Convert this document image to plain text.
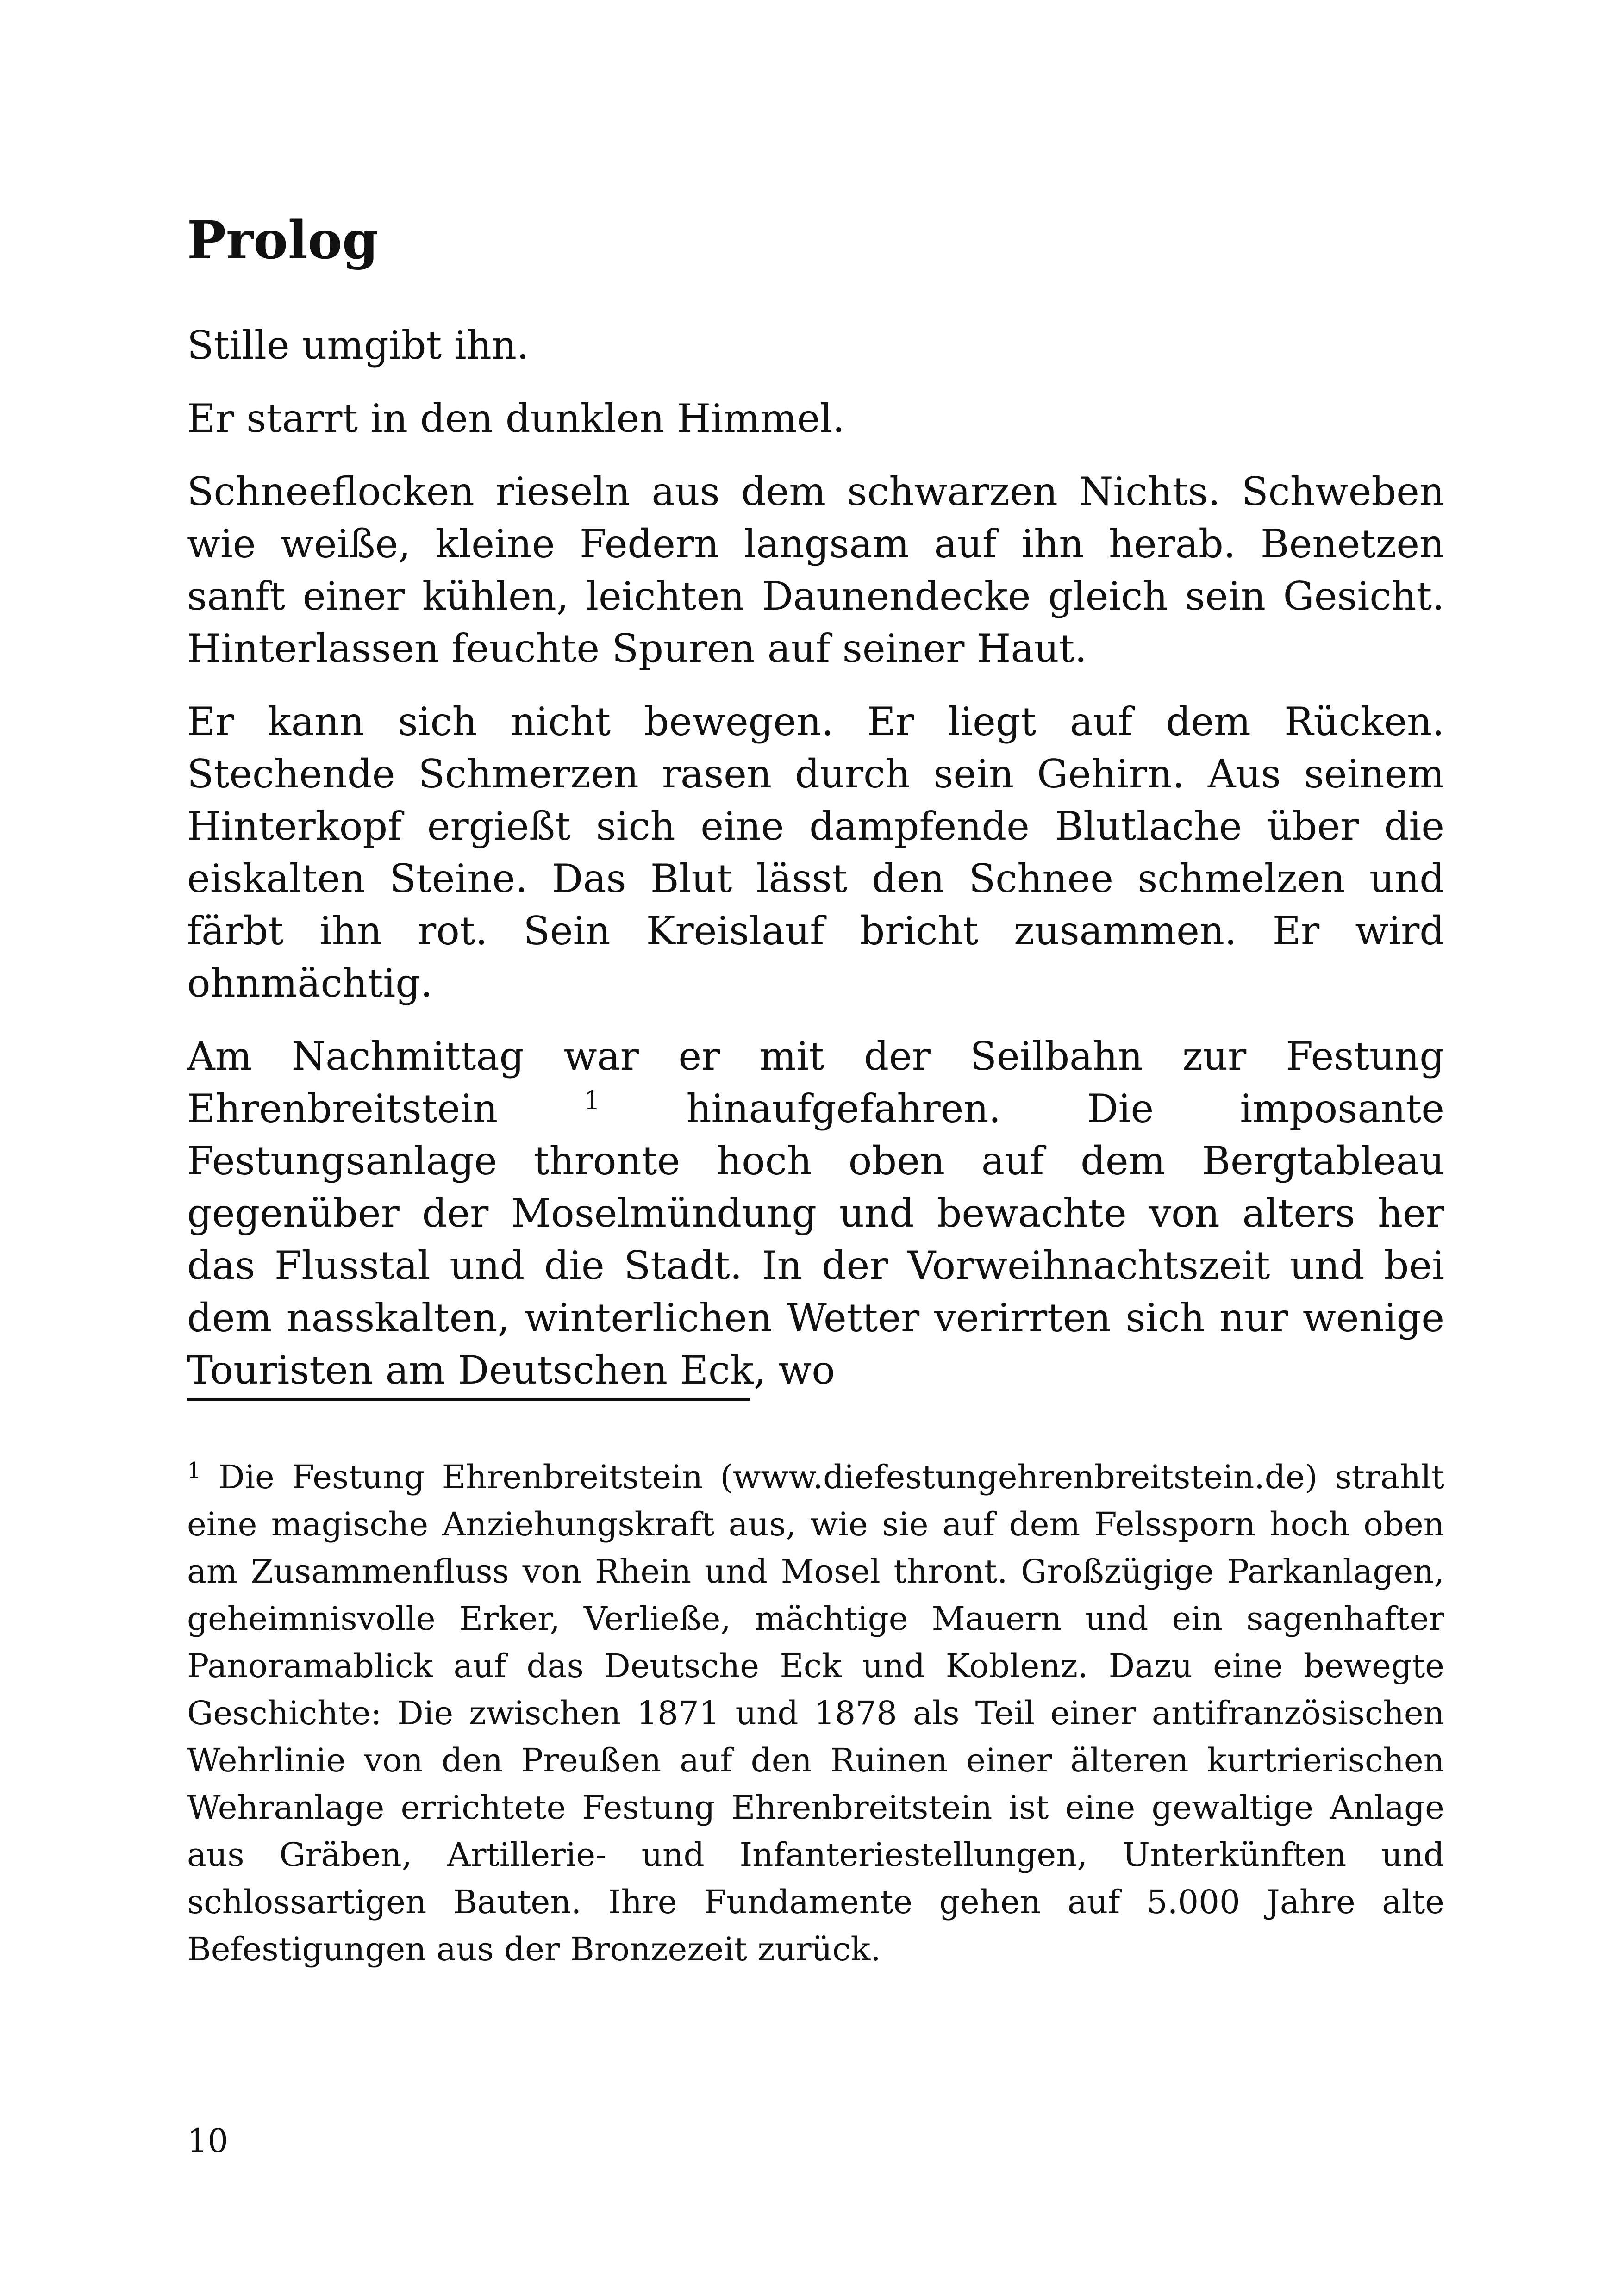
Prolog

Stille umgibt ihn.

Er starrt in den dunklen Himmel.

Schneeflocken rieseln aus dem schwarzen Nichts. Schweben wie weiße, kleine Federn langsam auf ihn herab. Benetzen sanft einer kühlen, leichten Daunendecke gleich sein Gesicht. Hinterlassen feuchte Spuren auf seiner Haut.

Er kann sich nicht bewegen. Er liegt auf dem Rücken. Stechende Schmerzen rasen durch sein Gehirn. Aus seinem Hinterkopf ergießt sich eine dampfende Blutlache über die eiskalten Steine. Das Blut lässt den Schnee schmelzen und färbt ihn rot. Sein Kreislauf bricht zusammen. Er wird ohnmächtig.

Am Nachmittag war er mit der Seilbahn zur Festung Ehrenbreitstein $^1$ hinaufgefahren. Die imposante Festungsanlage thronte hoch oben auf dem Bergtableau gegenüber der Moselmündung und bewachte von alters her das Flusstal und die Stadt. In der Vorweihnachtszeit und bei dem nasskalten, winterlichen Wetter verirrten sich nur wenige Touristen am Deutschen Eck, wo

$^1$ Die Festung Ehrenbreitstein (www.diefestungehrenbreitstein.de) strahlt eine magische Anziehungskraft aus, wie sie auf dem Felssporn hoch oben am Zusammenfluss von Rhein und Mosel thront. Großzügige Parkanlagen, geheimnisvolle Erker, Verließe, mächtige Mauern und ein sagenhafter Panoramablick auf das Deutsche Eck und Koblenz. Dazu eine bewegte Geschichte: Die zwischen 1871 und 1878 als Teil einer antifranzösischen Wehrlinie von den Preußen auf den Ruinen einer älteren kurtrierischen Wehranlage errichtete Festung Ehrenbreitstein ist eine gewaltige Anlage aus Gräben, Artillerie- und Infanteriestellungen, Unterkünften und schlossartigen Bauten. Ihre Fundamente gehen auf 5.000 Jahre alte Befestigungen aus der Bronzezeit zurück.

10
